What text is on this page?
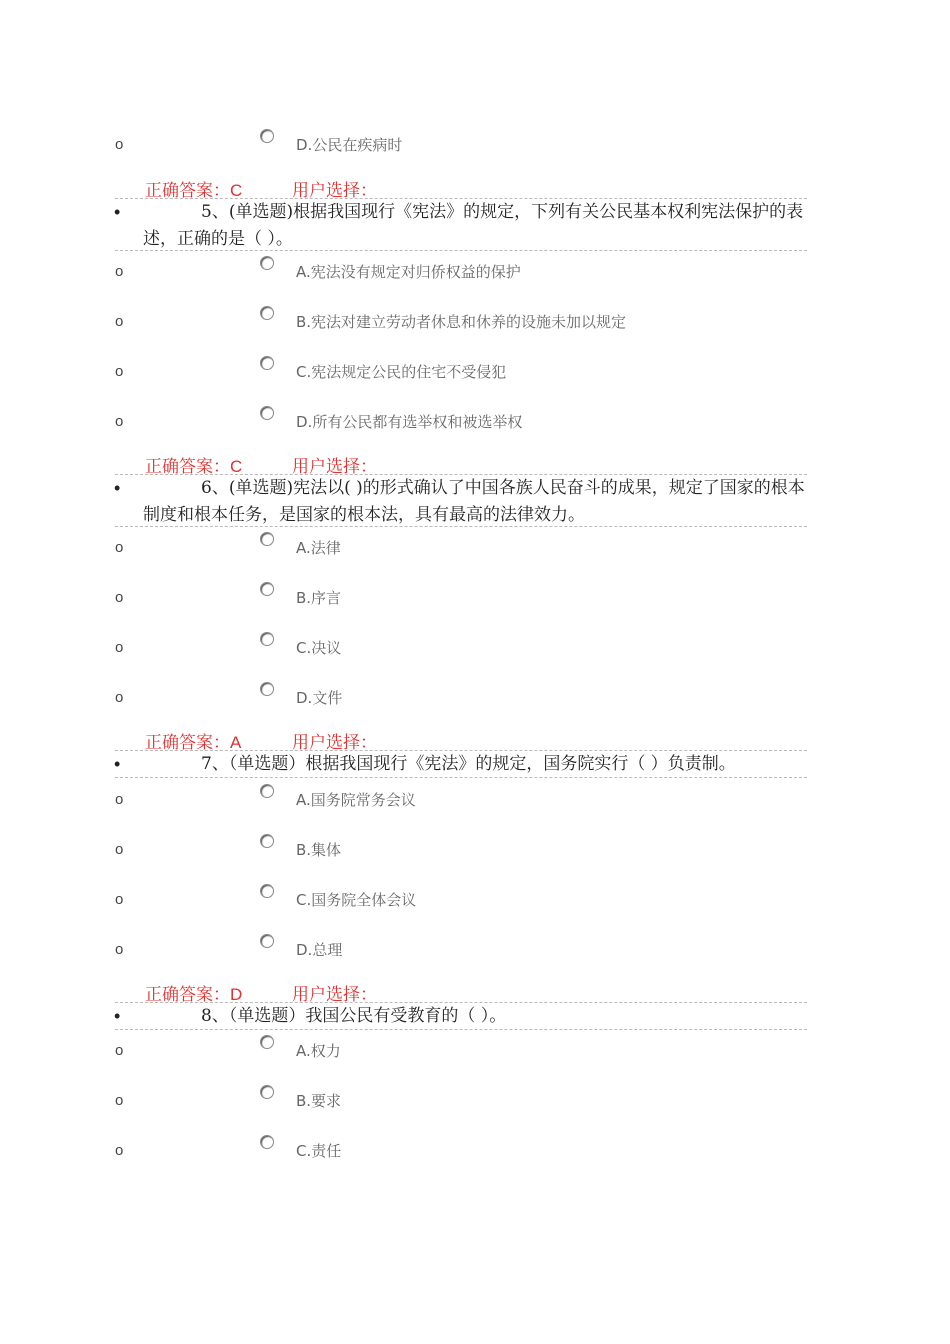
o	D.公民在疾病时
正确答案：C	用户选择：
•	5、(单选题)根据我国现行《宪法》的规定，下列有关公民基本权利宪法保护的表述，正确的是（ ）。
o	A.宪法没有规定对归侨权益的保护
o	B.宪法对建立劳动者休息和休养的设施未加以规定
o	C.宪法规定公民的住宅不受侵犯
o	D.所有公民都有选举权和被选举权
正确答案：C	用户选择：
•	6、(单选题)宪法以( )的形式确认了中国各族人民奋斗的成果，规定了国家的根本制度和根本任务，是国家的根本法，具有最高的法律效力。
o	A.法律
o	B.序言
o	C.决议
o	D.文件
正确答案：A	用户选择：
•	7、（单选题）根据我国现行《宪法》的规定，国务院实行（ ）负责制。
o	A.国务院常务会议
o	B.集体
o	C.国务院全体会议
o	D.总理
正确答案：D	用户选择：
•	8、（单选题）我国公民有受教育的（ ）。
o	A.权力
o	B.要求
o	C.责任
